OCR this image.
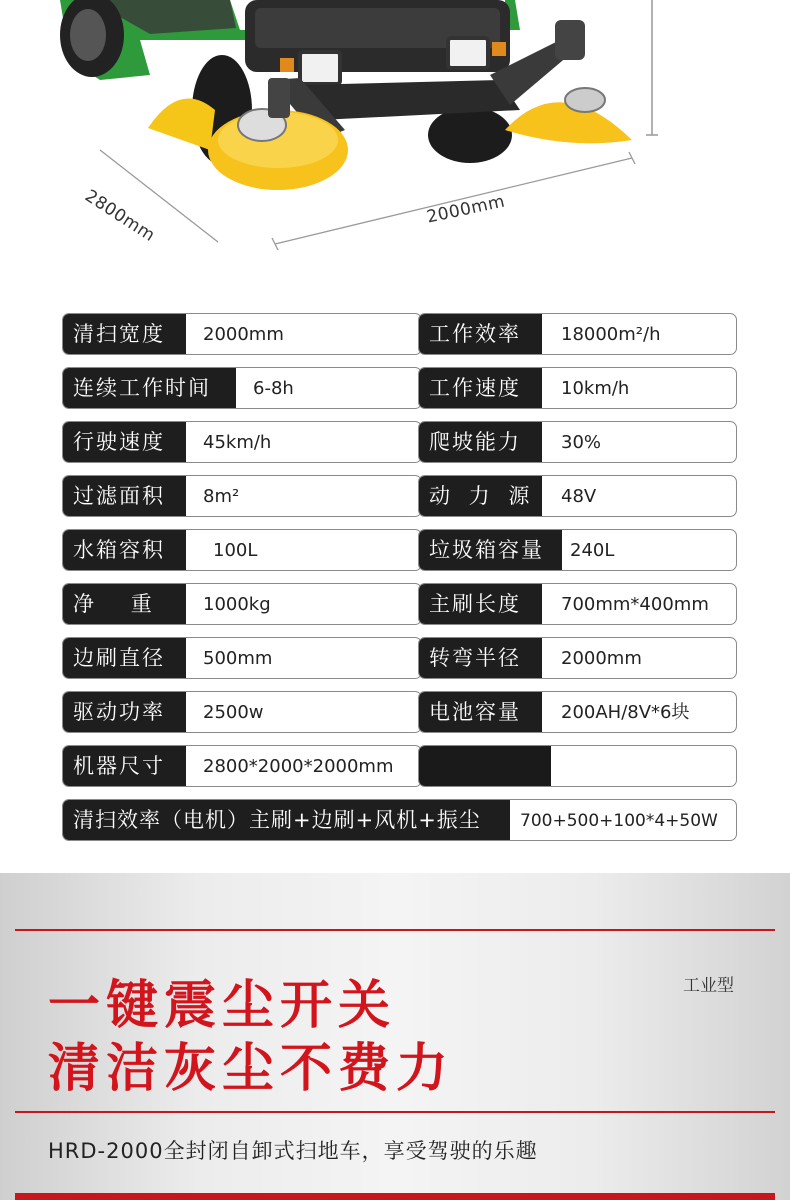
2800mm	2000mm
清扫宽度	2000mm	工作效率	18000m²/h
连续工作时间	6-8h	工作速度	10km/h
行驶速度	45km/h	爬坡能力	30%
过滤面积	8m²	动 力 源	48V
水箱容积	100L	垃圾箱容量	240L
净    重	1000kg	主刷长度	700mm*400mm
边刷直径	500mm	转弯半径	2000mm
驱动功率	2500w	电池容量	200AH/8V*6块
机器尺寸	2800*2000*2000mm
清扫效率（电机）主刷+边刷+风机+振尘	700+500+100*4+50W
工业型
一键震尘开关
清洁灰尘不费力
HRD-2000全封闭自卸式扫地车，享受驾驶的乐趣
